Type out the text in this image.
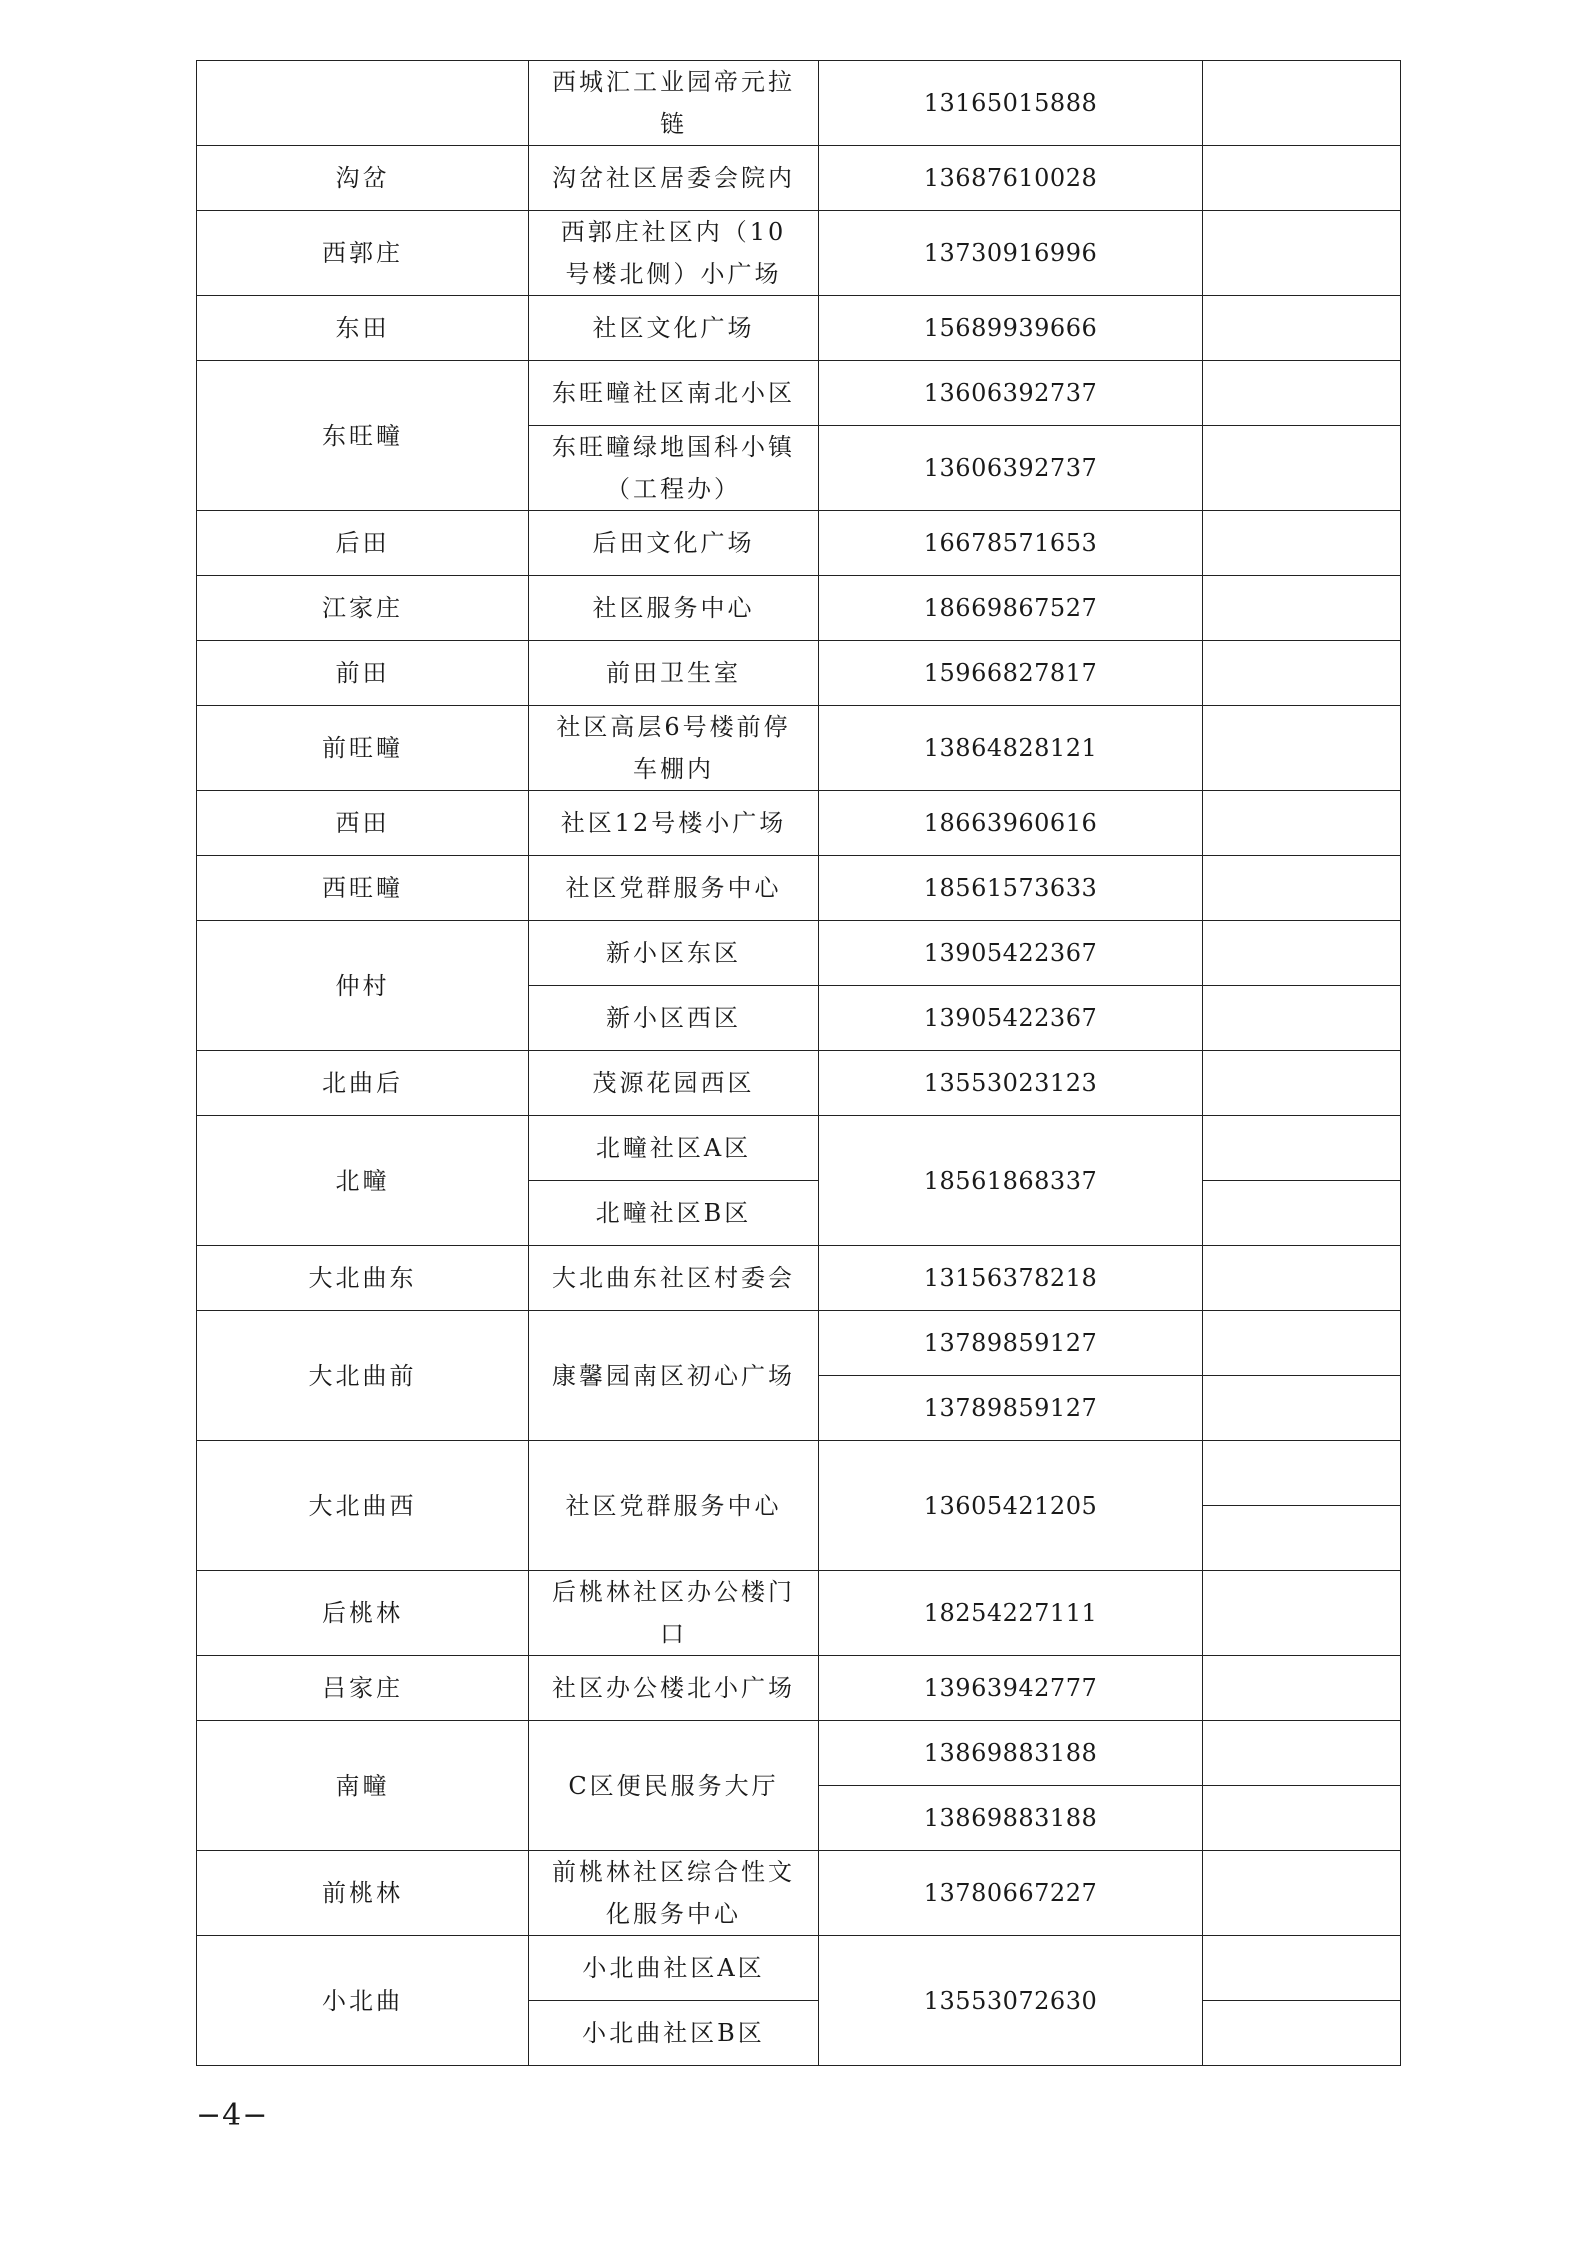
	西城汇工业园帝元拉链	13165015888	
沟岔	沟岔社区居委会院内	13687610028	
西郭庄	西郭庄社区内（10号楼北侧）小广场	13730916996	
东田	社区文化广场	15689939666	
东旺疃	东旺疃社区南北小区	13606392737	
	东旺疃绿地国科小镇（工程办）	13606392737	
后田	后田文化广场	16678571653	
江家庄	社区服务中心	18669867527	
前田	前田卫生室	15966827817	
前旺疃	社区高层6号楼前停车棚内	13864828121	
西田	社区12号楼小广场	18663960616	
西旺疃	社区党群服务中心	18561573633	
仲村	新小区东区	13905422367	
	新小区西区	13905422367	
北曲后	茂源花园西区	13553023123	
北疃	北疃社区A区	18561868337	
	北疃社区B区		
大北曲东	大北曲东社区村委会	13156378218	
大北曲前	康馨园南区初心广场	13789859127	
		13789859127	
大北曲西	社区党群服务中心	13605421205	

后桃林	后桃林社区办公楼门口	18254227111	
吕家庄	社区办公楼北小广场	13963942777	
南疃	C区便民服务大厅	13869883188	
		13869883188	
前桃林	前桃林社区综合性文化服务中心	13780667227	
小北曲	小北曲社区A区	13553072630	
	小北曲社区B区		
−4−
